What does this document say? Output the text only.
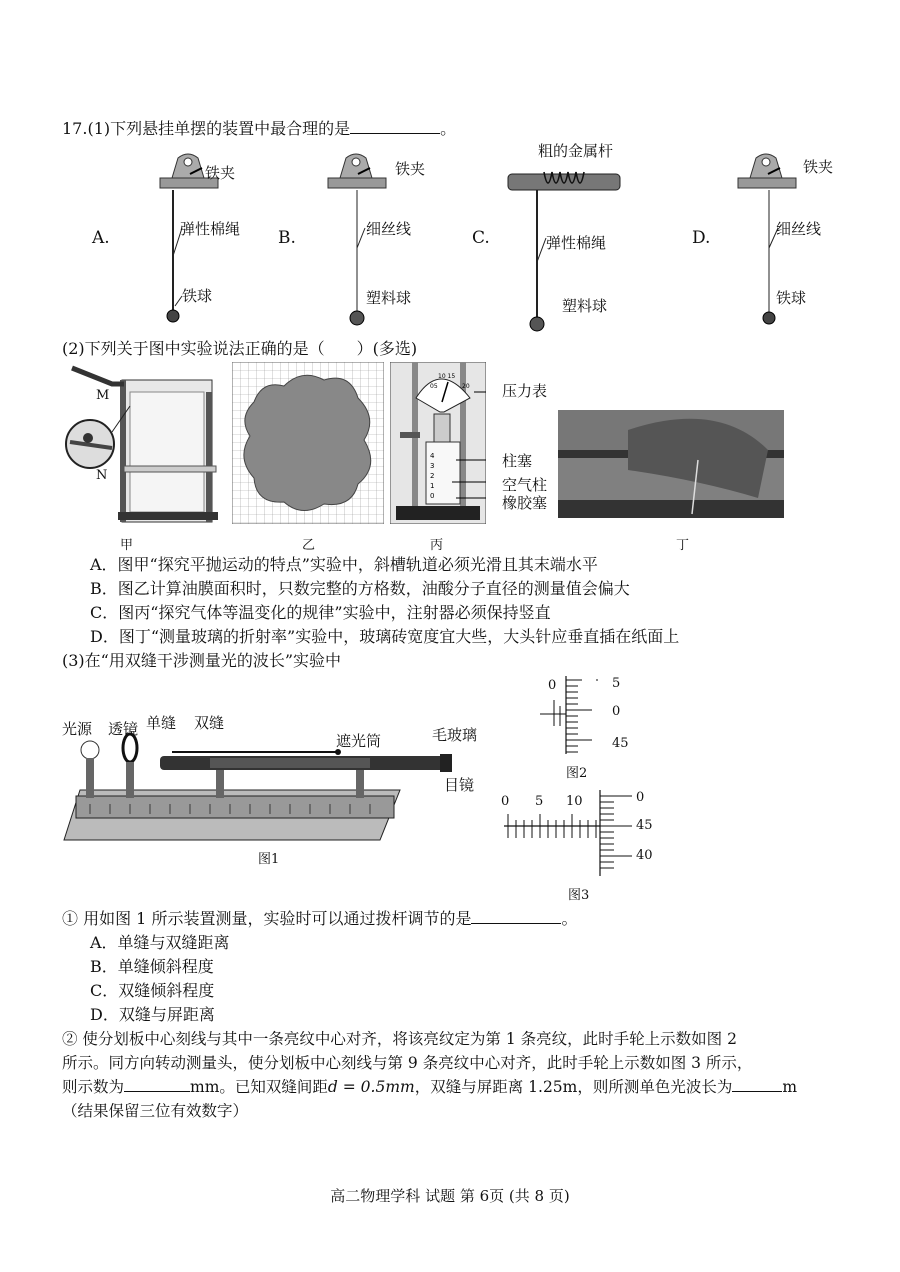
17.(1)下列悬挂单摆的装置中最合理的是	。
A.
铁夹
弹性棉绳
铁球
B.
铁夹
细丝线
塑料球
C.
粗的金属杆
弹性棉绳
塑料球
D.
铁夹
细丝线
铁球
(2)下列关于图中实验说法正确的是（　　）(多选)
M
N
10 15
05	20
4
3
2
1
0
压力表
柱塞
空气柱
橡胶塞
甲	乙	丙	丁
A．图甲“探究平抛运动的特点”实验中，斜槽轨道必须光滑且其末端水平
B．图乙计算油膜面积时，只数完整的方格数，油酸分子直径的测量值会偏大
C．图丙“探究气体等温变化的规律”实验中，注射器必须保持竖直
D．图丁“测量玻璃的折射率”实验中，玻璃砖宽度宜大些，大头针应垂直插在纸面上
(3)在“用双缝干涉测量光的波长”实验中
光源 透镜 单缝 双缝
遮光筒	毛玻璃
目镜
图1
0	5
0
45
图2
0 5 10	0
45
40
图3
① 用如图 1 所示装置测量，实验时可以通过拨杆调节的是	。
A．单缝与双缝距离
B．单缝倾斜程度
C．双缝倾斜程度
D．双缝与屏距离
② 使分划板中心刻线与其中一条亮纹中心对齐，将该亮纹定为第 1 条亮纹，此时手轮上示数如图 2
所示。同方向转动测量头，使分划板中心刻线与第 9 条亮纹中心对齐，此时手轮上示数如图 3 所示，
则示数为	mm。已知双缝间距d = 0.5mm，双缝与屏距离 1.25m，则所测单色光波长为	m
（结果保留三位有效数字）
高二物理学科 试题 第 6页 (共 8 页)
